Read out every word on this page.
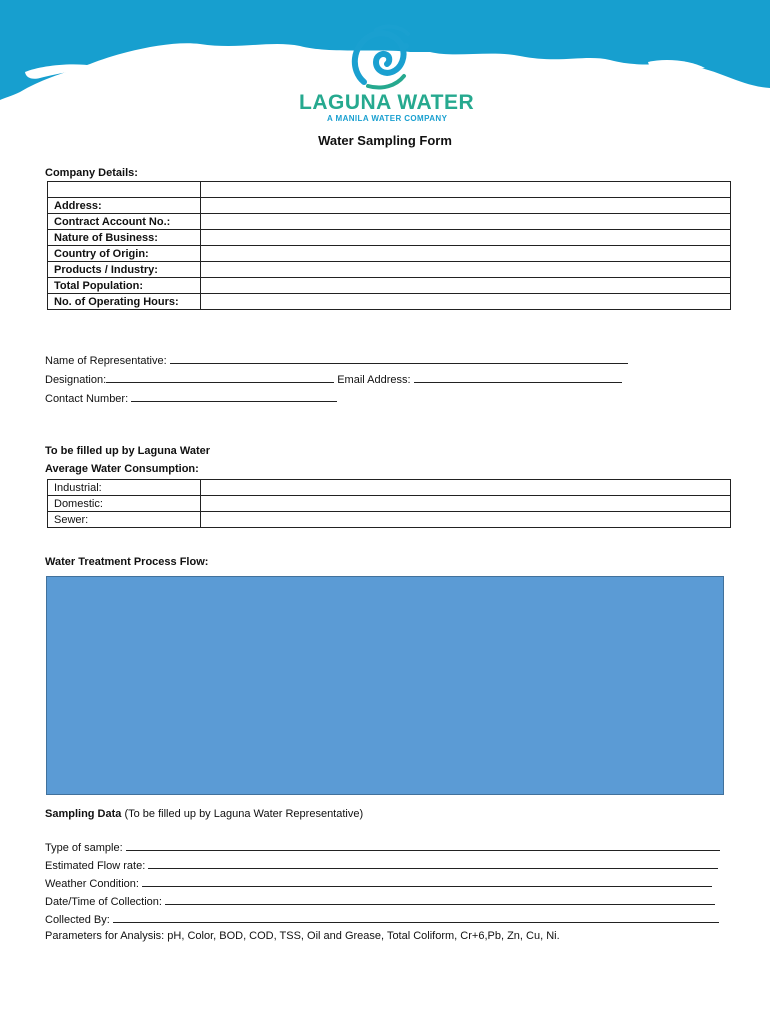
LAGUNA WATER
A MANILA WATER COMPANY
Water Sampling Form
Company Details:

Address:	
Contract Account No.:	
Nature of Business:	
Country of Origin:	
Products / Industry:	
Total Population:	
No. of Operating Hours:	
Name of Representative:
Designation:	Email Address:
Contact Number:
To be filled up by Laguna Water
Average Water Consumption:
Industrial:	
Domestic:	
Sewer:	
Water Treatment Process Flow:
Sampling Data (To be filled up by Laguna Water Representative)
Type of sample:
Estimated Flow rate:
Weather Condition:
Date/Time of Collection:
Collected By:
Parameters for Analysis: pH, Color, BOD, COD, TSS, Oil and Grease, Total Coliform, Cr+6,Pb, Zn, Cu, Ni.
